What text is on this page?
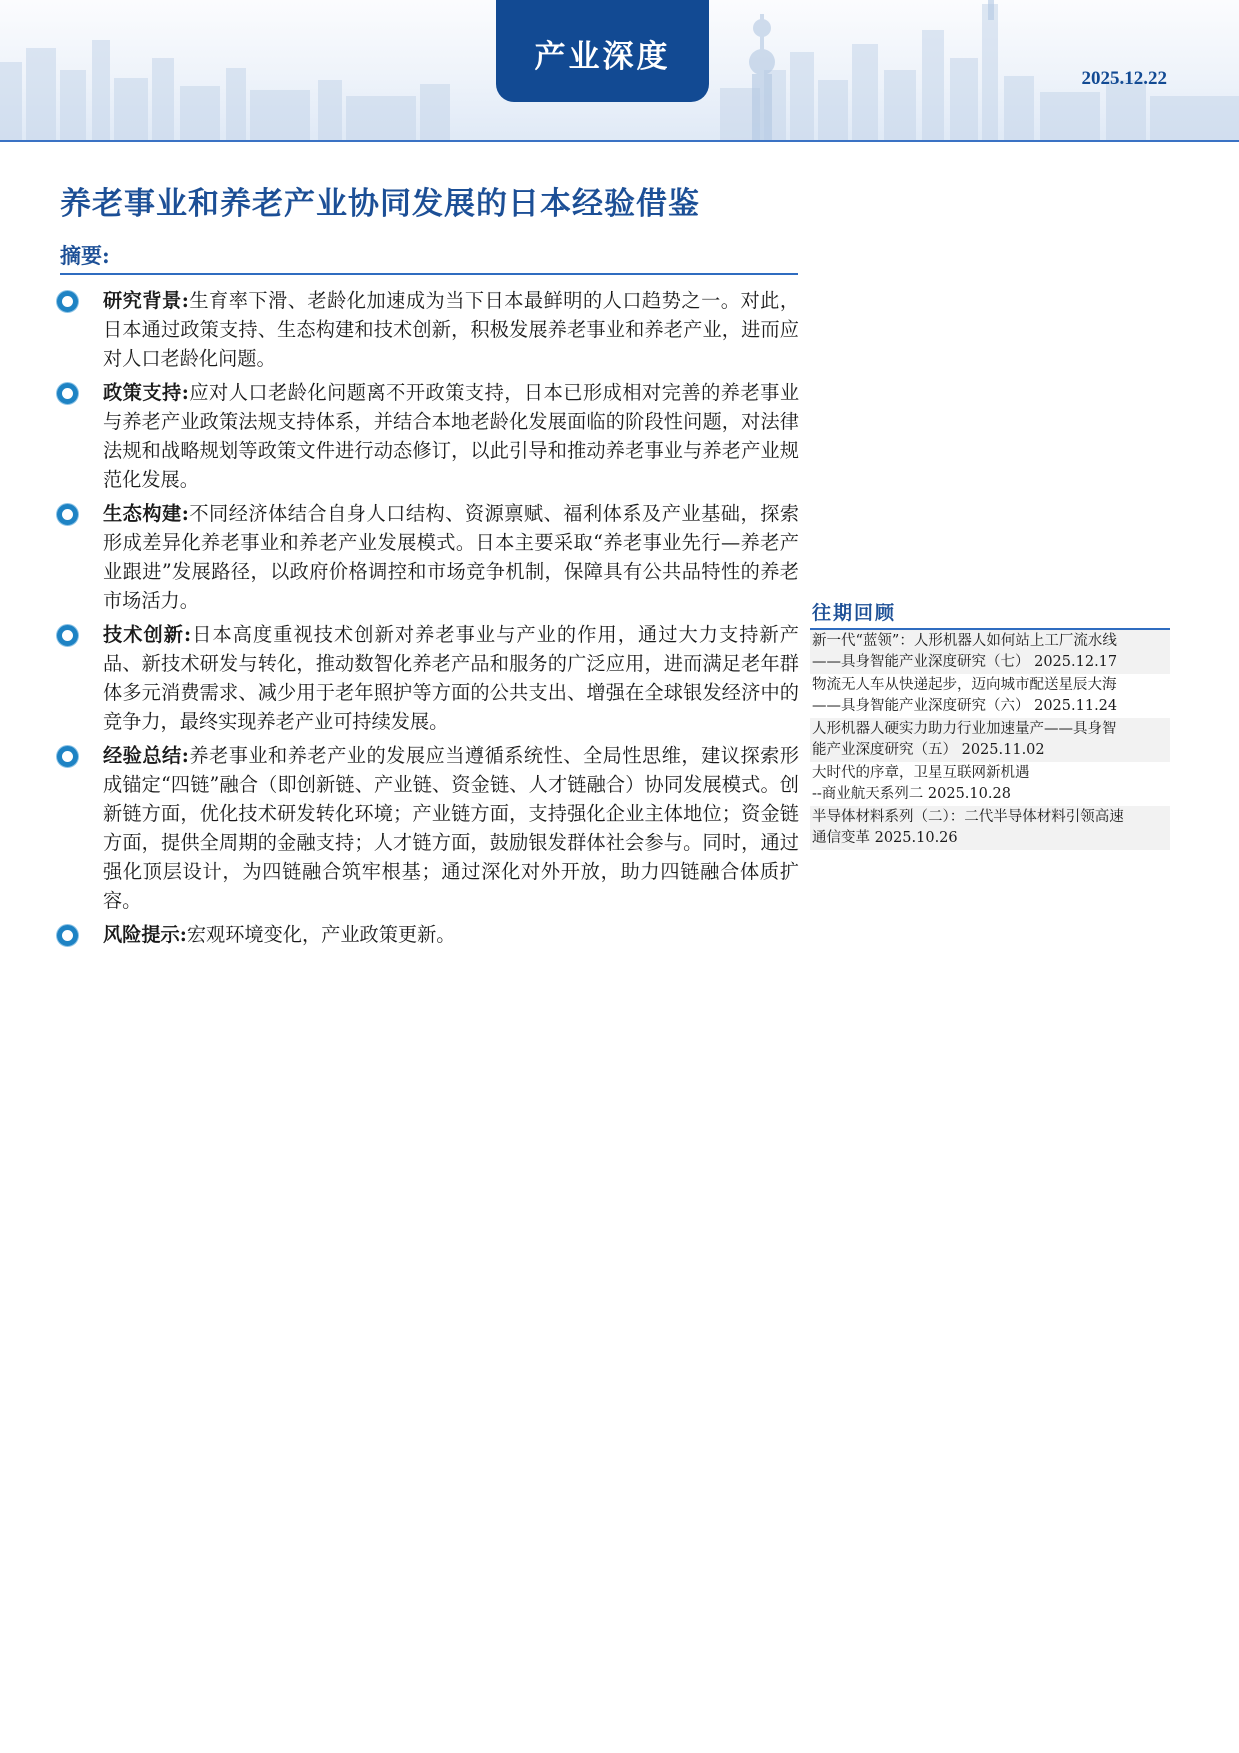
产业深度
2025.12.22
养老事业和养老产业协同发展的日本经验借鉴
摘要:

研究背景:生育率下滑、老龄化加速成为当下日本最鲜明的人口趋势之一。对此，日本通过政策支持、生态构建和技术创新，积极发展养老事业和养老产业，进而应对人口老龄化问题。

政策支持:应对人口老龄化问题离不开政策支持，日本已形成相对完善的养老事业与养老产业政策法规支持体系，并结合本地老龄化发展面临的阶段性问题，对法律法规和战略规划等政策文件进行动态修订，以此引导和推动养老事业与养老产业规范化发展。

生态构建:不同经济体结合自身人口结构、资源禀赋、福利体系及产业基础，探索形成差异化养老事业和养老产业发展模式。日本主要采取“养老事业先行—养老产业跟进”发展路径，以政府价格调控和市场竞争机制，保障具有公共品特性的养老市场活力。

技术创新:日本高度重视技术创新对养老事业与产业的作用，通过大力支持新产品、新技术研发与转化，推动数智化养老产品和服务的广泛应用，进而满足老年群体多元消费需求、减少用于老年照护等方面的公共支出、增强在全球银发经济中的竞争力，最终实现养老产业可持续发展。

经验总结:养老事业和养老产业的发展应当遵循系统性、全局性思维，建议探索形成锚定“四链”融合（即创新链、产业链、资金链、人才链融合）协同发展模式。创新链方面，优化技术研发转化环境；产业链方面，支持强化企业主体地位；资金链方面，提供全周期的金融支持；人才链方面，鼓励银发群体社会参与。同时，通过强化顶层设计，为四链融合筑牢根基；通过深化对外开放，助力四链融合体质扩容。

风险提示:宏观环境变化，产业政策更新。

往期回顾
新一代“蓝领”：人形机器人如何站上工厂流水线
——具身智能产业深度研究（七） 2025.12.17
物流无人车从快递起步，迈向城市配送星辰大海
——具身智能产业深度研究（六） 2025.11.24
人形机器人硬实力助力行业加速量产——具身智
能产业深度研究（五） 2025.11.02
大时代的序章，卫星互联网新机遇
--商业航天系列二 2025.10.28
半导体材料系列（二）：二代半导体材料引领高速
通信变革 2025.10.26
